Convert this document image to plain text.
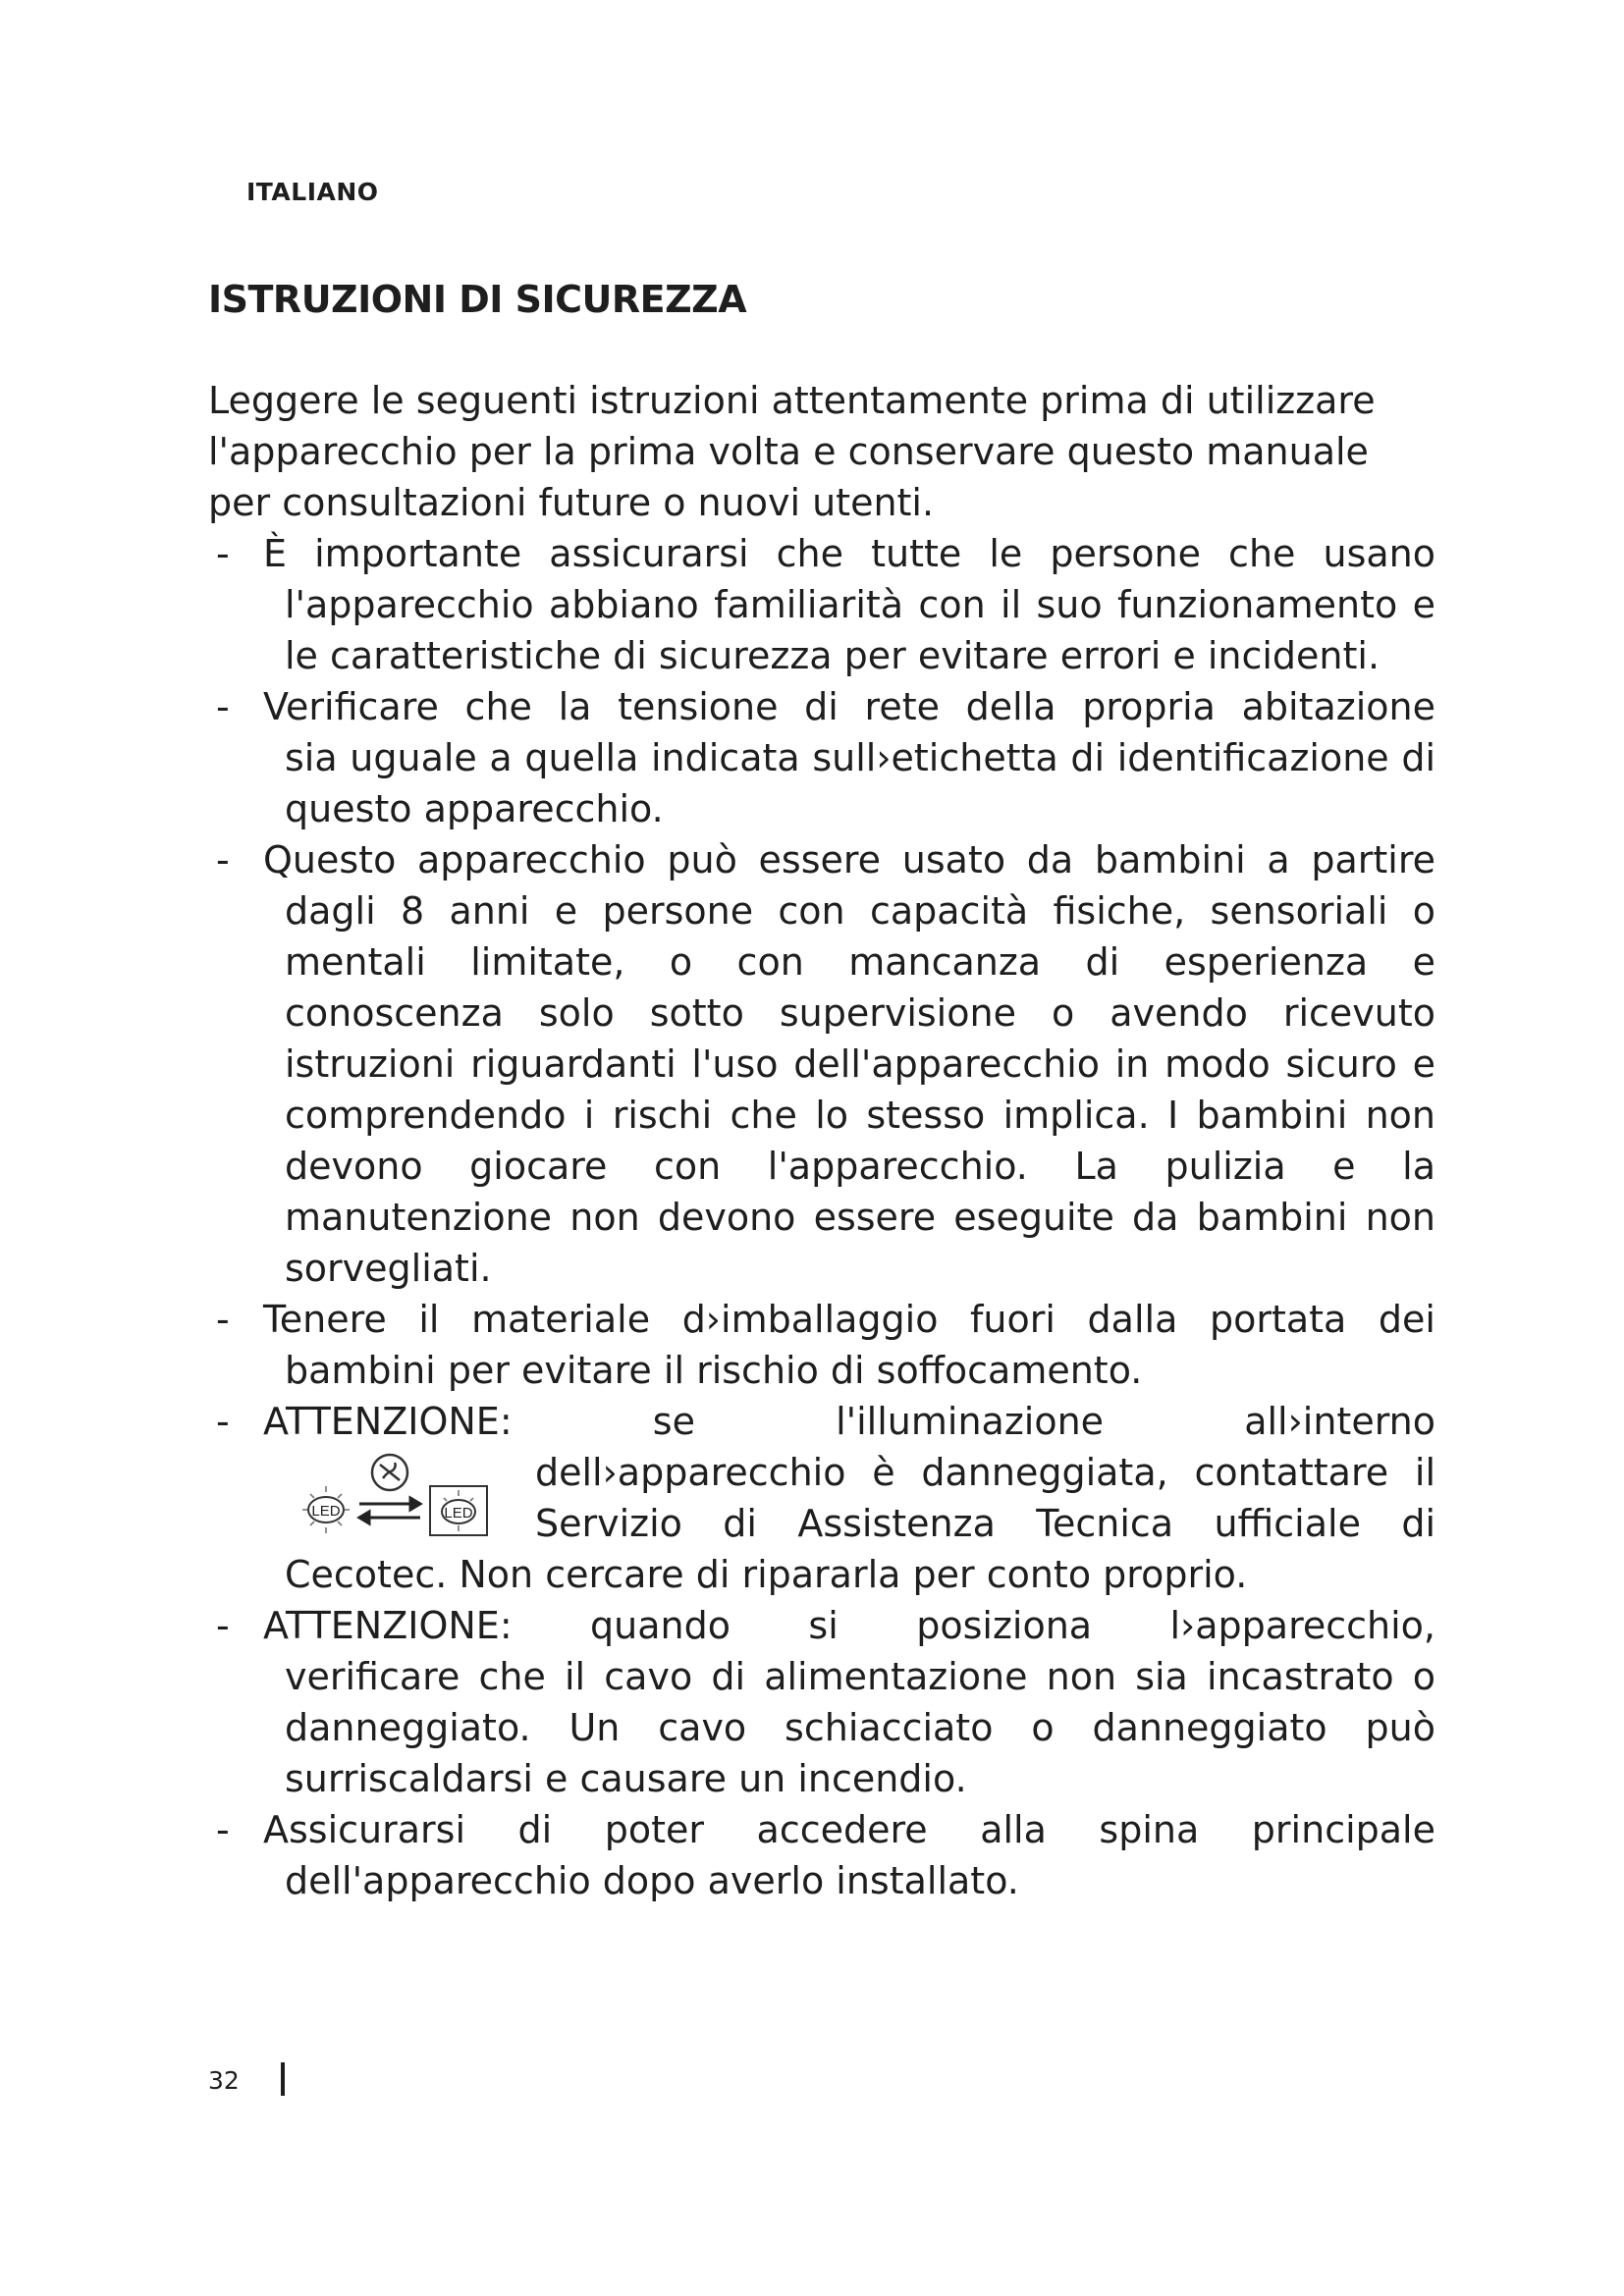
ITALIANO
ISTRUZIONI DI SICUREZZA

Leggere le seguenti istruzioni attentamente prima di utilizzare l'apparecchio per la prima volta e conservare questo manuale per consultazioni future o nuovi utenti.

- È importante assicurarsi che tutte le persone che usano
l'apparecchio abbiano familiarità con il suo funzionamento e le caratteristiche di sicurezza per evitare errori e incidenti.
- Verificare che la tensione di rete della propria abitazione
sia uguale a quella indicata sull›etichetta di identificazione di questo apparecchio.
- Questo apparecchio può essere usato da bambini a partire
dagli 8 anni e persone con capacità fisiche, sensoriali o mentali limitate, o con mancanza di esperienza e conoscenza solo sotto supervisione o avendo ricevuto istruzioni riguardanti l'uso dell'apparecchio in modo sicuro e comprendendo i rischi che lo stesso implica. I bambini non devono giocare con l'apparecchio. La pulizia e la manutenzione non devono essere eseguite da bambini non sorvegliati.
- Tenere il materiale d›imballaggio fuori dalla portata dei
bambini per evitare il rischio di soffocamento.
- ATTENZIONE: se l'illuminazione all›interno
LED	LED
dell›apparecchio è danneggiata, contattare il
Servizio di Assistenza Tecnica ufficiale di
Cecotec. Non cercare di ripararla per conto proprio.
- ATTENZIONE: quando si posiziona l›apparecchio,
verificare che il cavo di alimentazione non sia incastrato o danneggiato. Un cavo schiacciato o danneggiato può surriscaldarsi e causare un incendio.
- Assicurarsi di poter accedere alla spina principale
dell'apparecchio dopo averlo installato.
32
